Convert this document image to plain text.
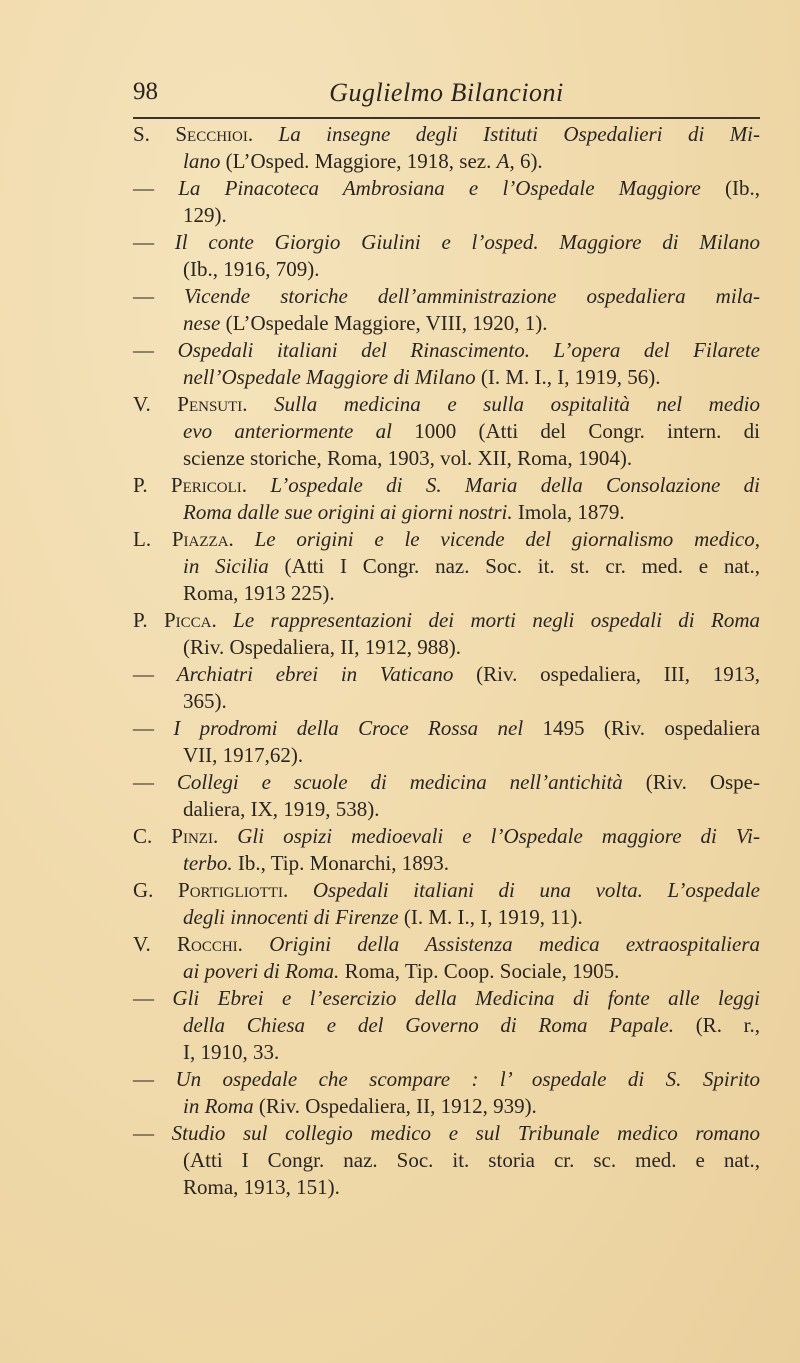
98	Guglielmo Bilancioni
S. Secchioi. La insegne degli Istituti Ospedalieri di Mi-
lano (L’Osped. Maggiore, 1918, sez. A, 6).
— La Pinacoteca Ambrosiana e l’Ospedale Maggiore (Ib.,
129).
— Il conte Giorgio Giulini e l’osped. Maggiore di Milano
(Ib., 1916, 709).
— Vicende storiche dell’amministrazione ospedaliera mila-
nese (L’Ospedale Maggiore, VIII, 1920, 1).
— Ospedali italiani del Rinascimento. L’opera del Filarete
nell’Ospedale Maggiore di Milano (I. M. I., I, 1919, 56).
V. Pensuti. Sulla medicina e sulla ospitalità nel medio
evo anteriormente al 1000 (Atti del Congr. intern. di
scienze storiche, Roma, 1903, vol. XII, Roma, 1904).
P. Pericoli. L’ospedale di S. Maria della Consolazione di
Roma dalle sue origini ai giorni nostri. Imola, 1879.
L. Piazza. Le origini e le vicende del giornalismo medico,
in Sicilia (Atti I Congr. naz. Soc. it. st. cr. med. e nat.,
Roma, 1913 225).
P. Picca. Le rappresentazioni dei morti negli ospedali di Roma
(Riv. Ospedaliera, II, 1912, 988).
— Archiatri ebrei in Vaticano (Riv. ospedaliera, III, 1913,
365).
— I prodromi della Croce Rossa nel 1495 (Riv. ospedaliera
VII, 1917,62).
— Collegi e scuole di medicina nell’antichità (Riv. Ospe-
daliera, IX, 1919, 538).
C. Pinzi. Gli ospizi medioevali e l’Ospedale maggiore di Vi-
terbo. Ib., Tip. Monarchi, 1893.
G. Portigliotti. Ospedali italiani di una volta. L’ospedale
degli innocenti di Firenze (I. M. I., I, 1919, 11).
V. Rocchi. Origini della Assistenza medica extraospitaliera
ai poveri di Roma. Roma, Tip. Coop. Sociale, 1905.
— Gli Ebrei e l’esercizio della Medicina di fonte alle leggi
della Chiesa e del Governo di Roma Papale. (R. r.,
I, 1910, 33.
— Un ospedale che scompare : l’ ospedale di S. Spirito
in Roma (Riv. Ospedaliera, II, 1912, 939).
— Studio sul collegio medico e sul Tribunale medico romano
(Atti I Congr. naz. Soc. it. storia cr. sc. med. e nat.,
Roma, 1913, 151).
